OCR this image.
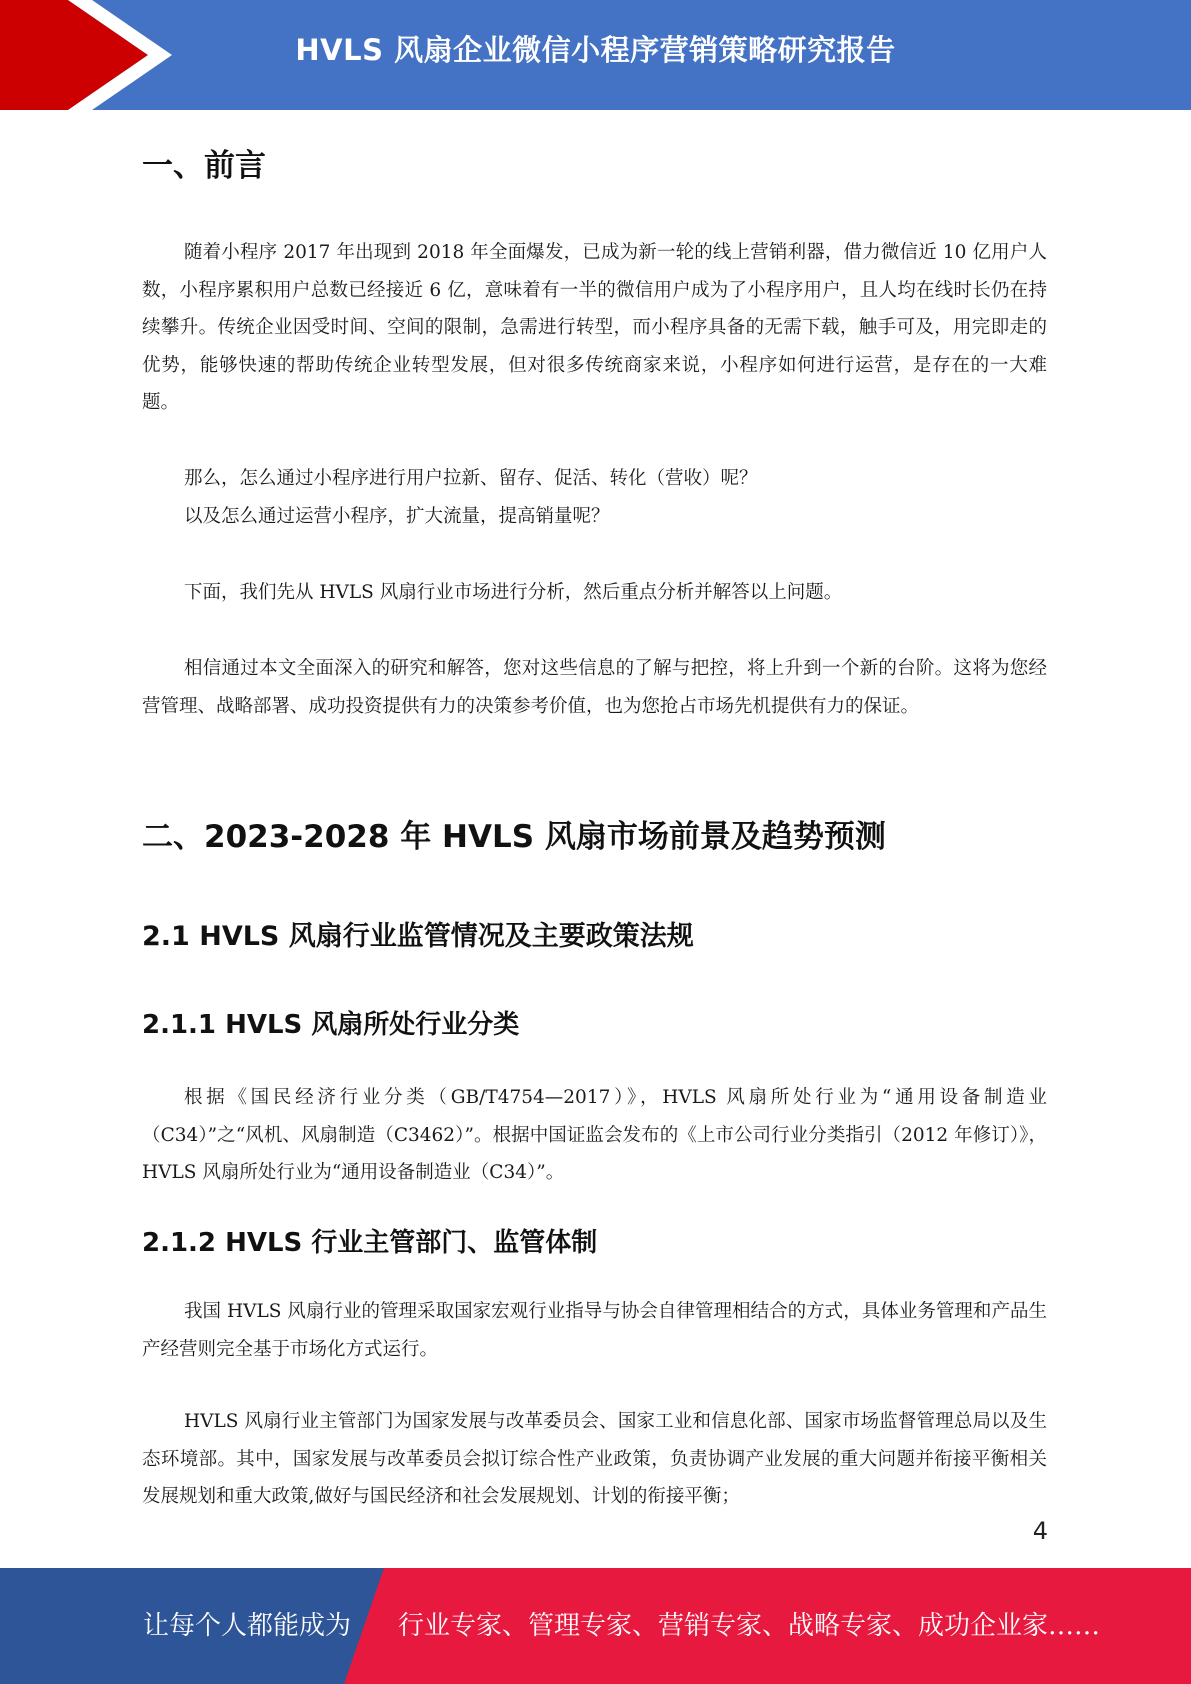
HVLS 风扇企业微信小程序营销策略研究报告
一、前言

随着小程序 2017 年出现到 2018 年全面爆发，已成为新一轮的线上营销利器，借力微信近 10 亿用户人数，小程序累积用户总数已经接近 6 亿，意味着有一半的微信用户成为了小程序用户，且人均在线时长仍在持续攀升。传统企业因受时间、空间的限制，急需进行转型，而小程序具备的无需下载，触手可及，用完即走的优势，能够快速的帮助传统企业转型发展，但对很多传统商家来说，小程序如何进行运营，是存在的一大难题。

那么，怎么通过小程序进行用户拉新、留存、促活、转化（营收）呢？

以及怎么通过运营小程序，扩大流量，提高销量呢？

下面，我们先从 HVLS 风扇行业市场进行分析，然后重点分析并解答以上问题。

相信通过本文全面深入的研究和解答，您对这些信息的了解与把控，将上升到一个新的台阶。这将为您经营管理、战略部署、成功投资提供有力的决策参考价值，也为您抢占市场先机提供有力的保证。

二、2023-2028 年 HVLS 风扇市场前景及趋势预测
2.1 HVLS 风扇行业监管情况及主要政策法规
2.1.1 HVLS 风扇所处行业分类

根据《国民经济行业分类（GB/T4754—2017）》，HVLS 风扇所处行业为“通用设备制造业（C34）”之“风机、风扇制造（C3462）”。根据中国证监会发布的《上市公司行业分类指引（2012 年修订）》，HVLS 风扇所处行业为“通用设备制造业（C34）”。

2.1.2 HVLS 行业主管部门、监管体制

我国 HVLS 风扇行业的管理采取国家宏观行业指导与协会自律管理相结合的方式，具体业务管理和产品生产经营则完全基于市场化方式运行。

HVLS 风扇行业主管部门为国家发展与改革委员会、国家工业和信息化部、国家市场监督管理总局以及生态环境部。其中，国家发展与改革委员会拟订综合性产业政策，负责协调产业发展的重大问题并衔接平衡相关发展规划和重大政策,做好与国民经济和社会发展规划、计划的衔接平衡；

4
让每个人都能成为 行业专家、管理专家、营销专家、战略专家、成功企业家……
